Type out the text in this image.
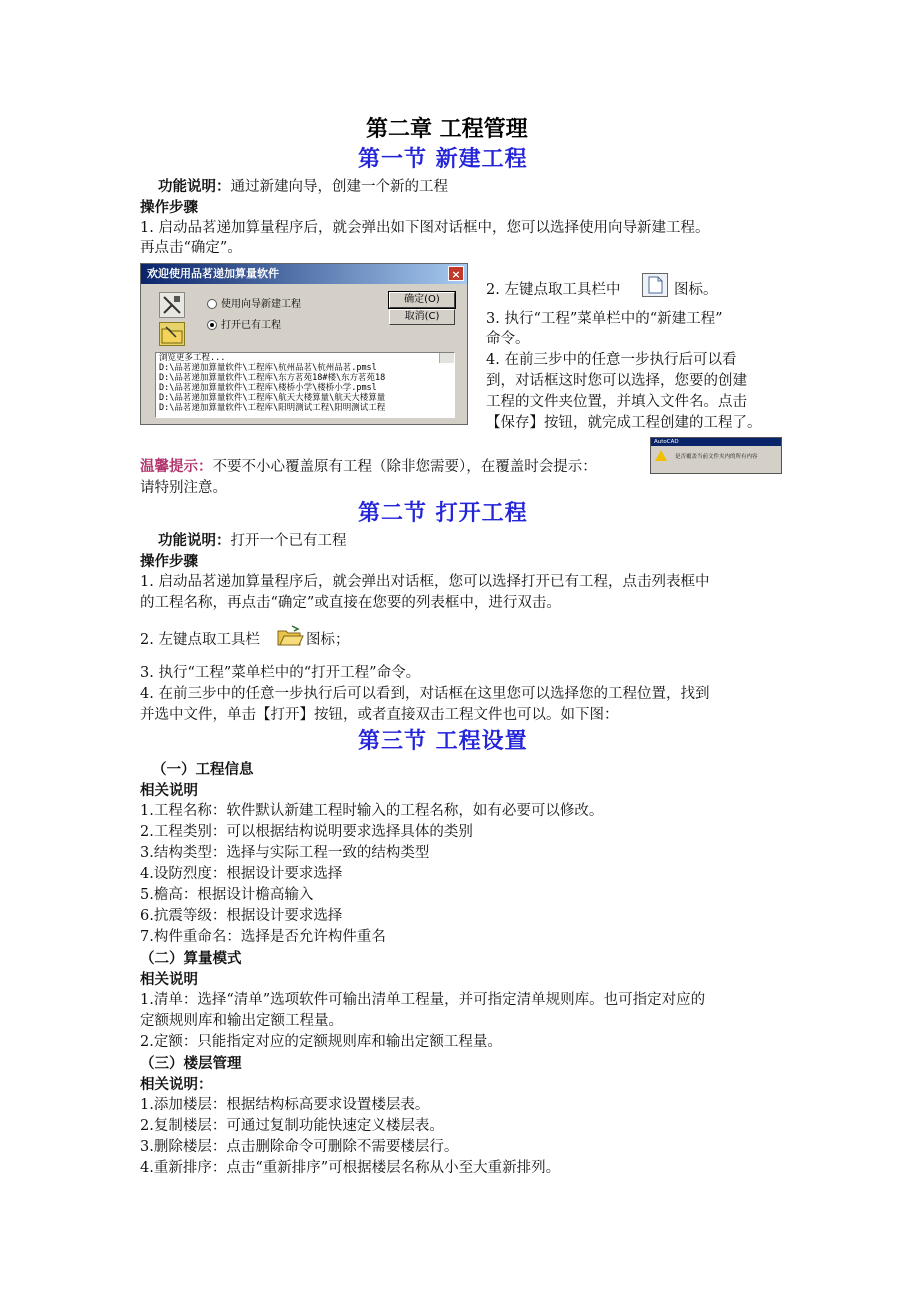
第二章 工程管理
第一节 新建工程
功能说明：通过新建向导，创建一个新的工程
操作步骤
1. 启动品茗递加算量程序后，就会弹出如下图对话框中，您可以选择使用向导新建工程。
再点击“确定”。
欢迎使用品茗递加算量软件	×
使用向导新建工程
打开已有工程
确定(O)
取消(C)
浏览更多工程...
D:\品茗递加算量软件\工程库\杭州品茗\杭州品茗.pmsl
D:\品茗递加算量软件\工程库\东方茗苑18#楼\东方茗苑18
D:\品茗递加算量软件\工程库\楼桥小学\楼桥小学.pmsl
D:\品茗递加算量软件\工程库\航天大楼算量\航天大楼算量
D:\品茗递加算量软件\工程库\阳明测试工程\阳明测试工程
2. 左键点取工具栏中	图标。
3. 执行“工程”菜单栏中的“新建工程”
命令。
4. 在前三步中的任意一步执行后可以看
到，对话框这时您可以选择，您要的创建
工程的文件夹位置，并填入文件名。点击
【保存】按钮，就完成工程创建的工程了。
温馨提示：不要不小心覆盖原有工程（除非您需要），在覆盖时会提示：
AutoCAD
是否覆盖当前文件夹内的所有内容
请特别注意。
第二节 打开工程
功能说明：打开一个已有工程
操作步骤
1. 启动品茗递加算量程序后，就会弹出对话框，您可以选择打开已有工程，点击列表框中
的工程名称，再点击“确定”或直接在您要的列表框中，进行双击。
2. 左键点取工具栏	图标；
3. 执行“工程”菜单栏中的“打开工程”命令。
4. 在前三步中的任意一步执行后可以看到，对话框在这里您可以选择您的工程位置，找到
并选中文件，单击【打开】按钮，或者直接双击工程文件也可以。如下图：
第三节 工程设置
（一）工程信息
相关说明
1.工程名称：软件默认新建工程时输入的工程名称，如有必要可以修改。
2.工程类别：可以根据结构说明要求选择具体的类别
3.结构类型：选择与实际工程一致的结构类型
4.设防烈度：根据设计要求选择
5.檐高：根据设计檐高输入
6.抗震等级：根据设计要求选择
7.构件重命名：选择是否允许构件重名
（二）算量模式
相关说明
1.清单：选择“清单”选项软件可输出清单工程量，并可指定清单规则库。也可指定对应的
定额规则库和输出定额工程量。
2.定额：只能指定对应的定额规则库和输出定额工程量。
（三）楼层管理
相关说明：
1.添加楼层：根据结构标高要求设置楼层表。
2.复制楼层：可通过复制功能快速定义楼层表。
3.删除楼层：点击删除命令可删除不需要楼层行。
4.重新排序：点击“重新排序”可根据楼层名称从小至大重新排列。
